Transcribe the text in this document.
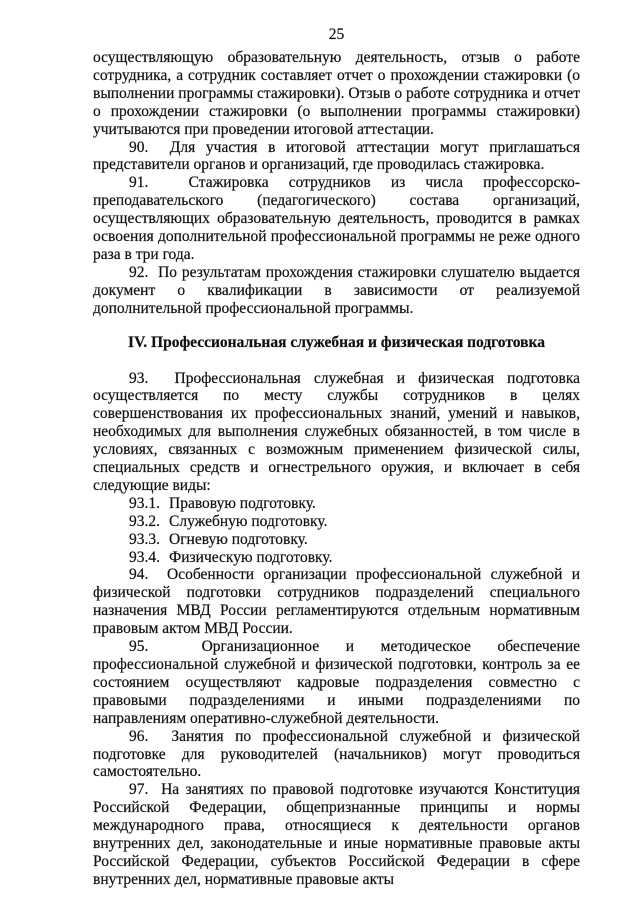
25

осуществляющую образовательную деятельность, отзыв о работе сотрудника, а сотрудник составляет отчет о прохождении стажировки (о выполнении программы стажировки). Отзыв о работе сотрудника и отчет о прохождении стажировки (о выполнении программы стажировки) учитываются при проведении итоговой аттестации.

90.  Для участия в итоговой аттестации могут приглашаться представители органов и организаций, где проводилась стажировка.

91.  Стажировка сотрудников из числа профессорско-преподавательского (педагогического) состава организаций, осуществляющих образовательную деятельность, проводится в рамках освоения дополнительной профессиональной программы не реже одного раза в три года.

92.  По результатам прохождения стажировки слушателю выдается документ о квалификации в зависимости от реализуемой дополнительной профессиональной программы.

IV. Профессиональная служебная и физическая подготовка

93.  Профессиональная служебная и физическая подготовка осуществляется по месту службы сотрудников в целях совершенствования их профессиональных знаний, умений и навыков, необходимых для выполнения служебных обязанностей, в том числе в условиях, связанных с возможным применением физической силы, специальных средств и огнестрельного оружия, и включает в себя следующие виды:

93.1. Правовую подготовку.

93.2. Служебную подготовку.

93.3. Огневую подготовку.

93.4. Физическую подготовку.

94.  Особенности организации профессиональной служебной и физической подготовки сотрудников подразделений специального назначения МВД России регламентируются отдельным нормативным правовым актом МВД России.

95.  Организационное и методическое обеспечение профессиональной служебной и физической подготовки, контроль за ее состоянием осуществляют кадровые подразделения совместно с правовыми подразделениями и иными подразделениями по направлениям оперативно-служебной деятельности.

96.  Занятия по профессиональной служебной и физической подготовке для руководителей (начальников) могут проводиться самостоятельно.

97.  На занятиях по правовой подготовке изучаются Конституция Российской Федерации, общепризнанные принципы и нормы международного права, относящиеся к деятельности органов внутренних дел, законодательные и иные нормативные правовые акты Российской Федерации, субъектов Российской Федерации в сфере внутренних дел, нормативные правовые акты
